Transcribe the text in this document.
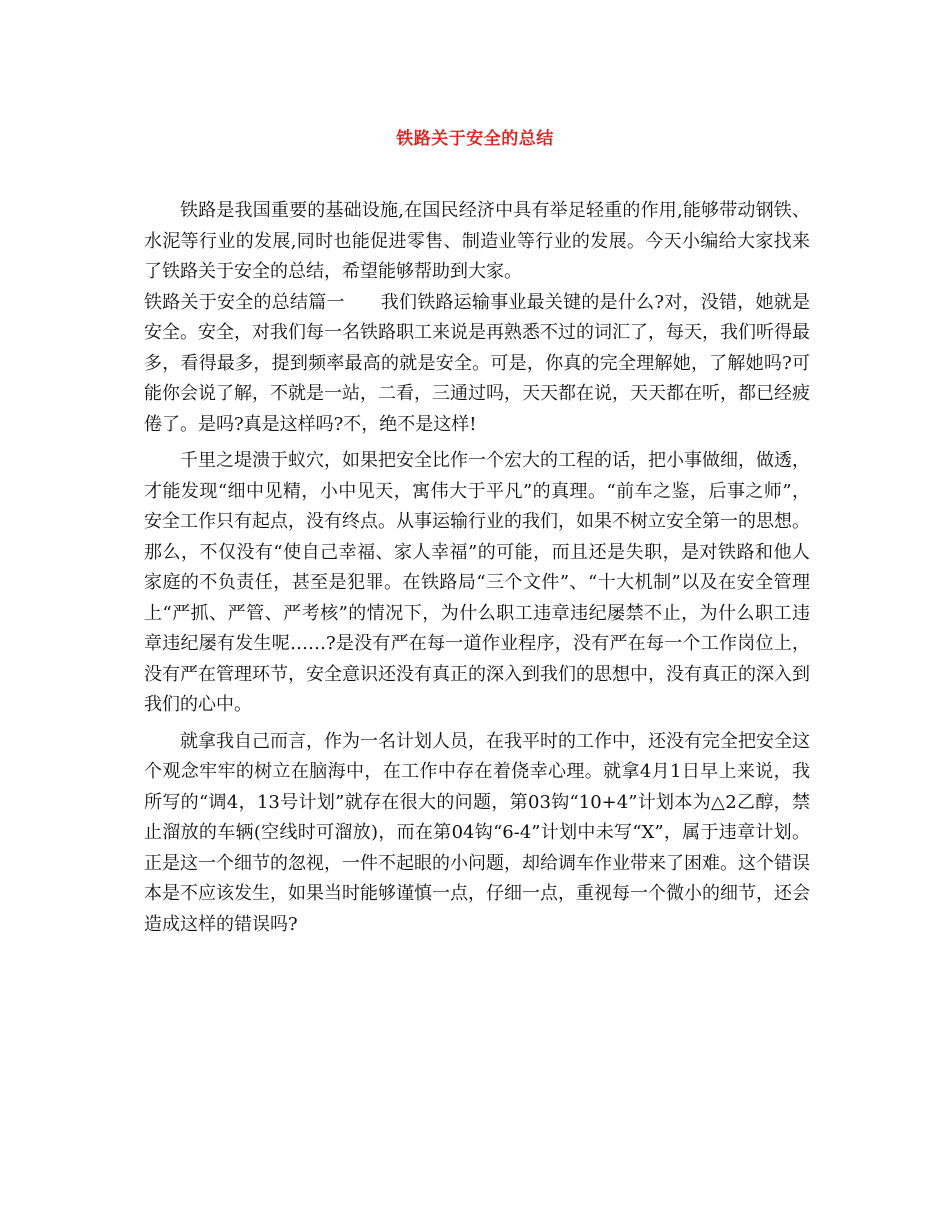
铁路关于安全的总结

铁路是我国重要的基础设施,在国民经济中具有举足轻重的作用,能够带动钢铁、水泥等行业的发展,同时也能促进零售、制造业等行业的发展。今天小编给大家找来了铁路关于安全的总结，希望能够帮助到大家。

铁路关于安全的总结篇一 我们铁路运输事业最关键的是什么?对，没错，她就是安全。安全，对我们每一名铁路职工来说是再熟悉不过的词汇了，每天，我们听得最多，看得最多，提到频率最高的就是安全。可是，你真的完全理解她，了解她吗?可能你会说了解，不就是一站，二看，三通过吗，天天都在说，天天都在听，都已经疲倦了。是吗?真是这样吗?不，绝不是这样!

千里之堤溃于蚁穴，如果把安全比作一个宏大的工程的话，把小事做细，做透，才能发现“细中见精，小中见天，寓伟大于平凡”的真理。“前车之鉴，后事之师”，安全工作只有起点，没有终点。从事运输行业的我们，如果不树立安全第一的思想。那么，不仅没有“使自己幸福、家人幸福”的可能，而且还是失职，是对铁路和他人家庭的不负责任，甚至是犯罪。在铁路局“三个文件”、“十大机制”以及在安全管理上“严抓、严管、严考核”的情况下，为什么职工违章违纪屡禁不止，为什么职工违章违纪屡有发生呢……?是没有严在每一道作业程序，没有严在每一个工作岗位上，没有严在管理环节，安全意识还没有真正的深入到我们的思想中，没有真正的深入到我们的心中。

就拿我自己而言，作为一名计划人员，在我平时的工作中，还没有完全把安全这个观念牢牢的树立在脑海中，在工作中存在着侥幸心理。就拿4月1日早上来说，我所写的“调4，13号计划”就存在很大的问题，第03钩“10+4”计划本为△2乙醇，禁止溜放的车辆(空线时可溜放)，而在第04钩“6-4”计划中未写“X”，属于违章计划。正是这一个细节的忽视，一件不起眼的小问题，却给调车作业带来了困难。这个错误本是不应该发生，如果当时能够谨慎一点，仔细一点，重视每一个微小的细节，还会造成这样的错误吗?
